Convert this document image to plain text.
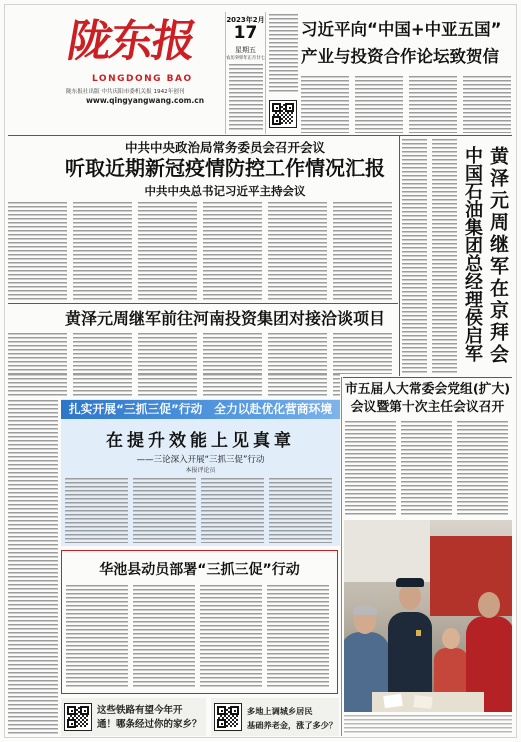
陇东报
LONGDONG BAO
陇东报社出版 中共庆阳市委机关报 1942年创刊
www.qingyangwang.com.cn
2023年2月
17
星期五
农历癸卯年正月廿七
习近平向“中国+中亚五国”
产业与投资合作论坛致贺信
中共中央政治局常务委员会召开会议
听取近期新冠疫情防控工作情况汇报
中共中央总书记习近平主持会议
黄泽元周继军前往河南投资集团对接洽谈项目	黄泽元周继军在京拜会
中国石油集团总经理侯启军
市五届人大常委会党组(扩大)
会议暨第十次主任会议召开
扎实开展“三抓三促”行动　全力以赴优化营商环境
在提升效能上见真章
——三论深入开展“三抓三促”行动
本报评论员
华池县动员部署“三抓三促”行动
这些铁路有望今年开
通！哪条经过你的家乡？
多地上调城乡居民
基础养老金，涨了多少？
